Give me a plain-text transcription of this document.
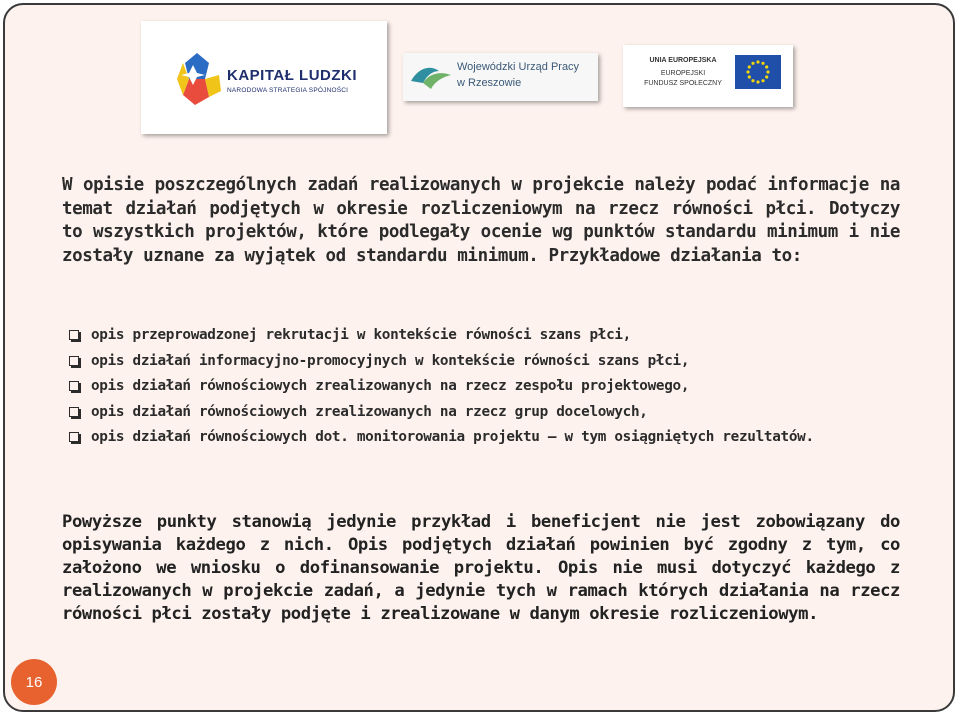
KAPITAŁ LUDZKI
NARODOWA STRATEGIA SPÓJNOŚCI
Wojewódzki Urząd Pracy
w Rzeszowie
UNIA EUROPEJSKA
EUROPEJSKI
FUNDUSZ SPOŁECZNY

W opisie poszczególnych zadań realizowanych w projekcie należy podać informacje na temat działań podjętych w okresie rozliczeniowym na rzecz równości płci. Dotyczy to wszystkich projektów, które podlegały ocenie wg punktów standardu minimum i nie zostały uznane za wyjątek od standardu minimum. Przykładowe działania to:

opis przeprowadzonej rekrutacji w kontekście równości szans płci,
opis działań informacyjno-promocyjnych w kontekście równości szans płci,
opis działań równościowych zrealizowanych na rzecz zespołu projektowego,
opis działań równościowych zrealizowanych na rzecz grup docelowych,
opis działań równościowych dot. monitorowania projektu – w tym osiągniętych rezultatów.

Powyższe punkty stanowią jedynie przykład i beneficjent nie jest zobowiązany do opisywania każdego z nich. Opis podjętych działań powinien być zgodny z tym, co założono we wniosku o dofinansowanie projektu. Opis nie musi dotyczyć każdego z realizowanych w projekcie zadań, a jedynie tych w ramach których działania na rzecz równości płci zostały podjęte i zrealizowane w danym okresie rozliczeniowym.

16
